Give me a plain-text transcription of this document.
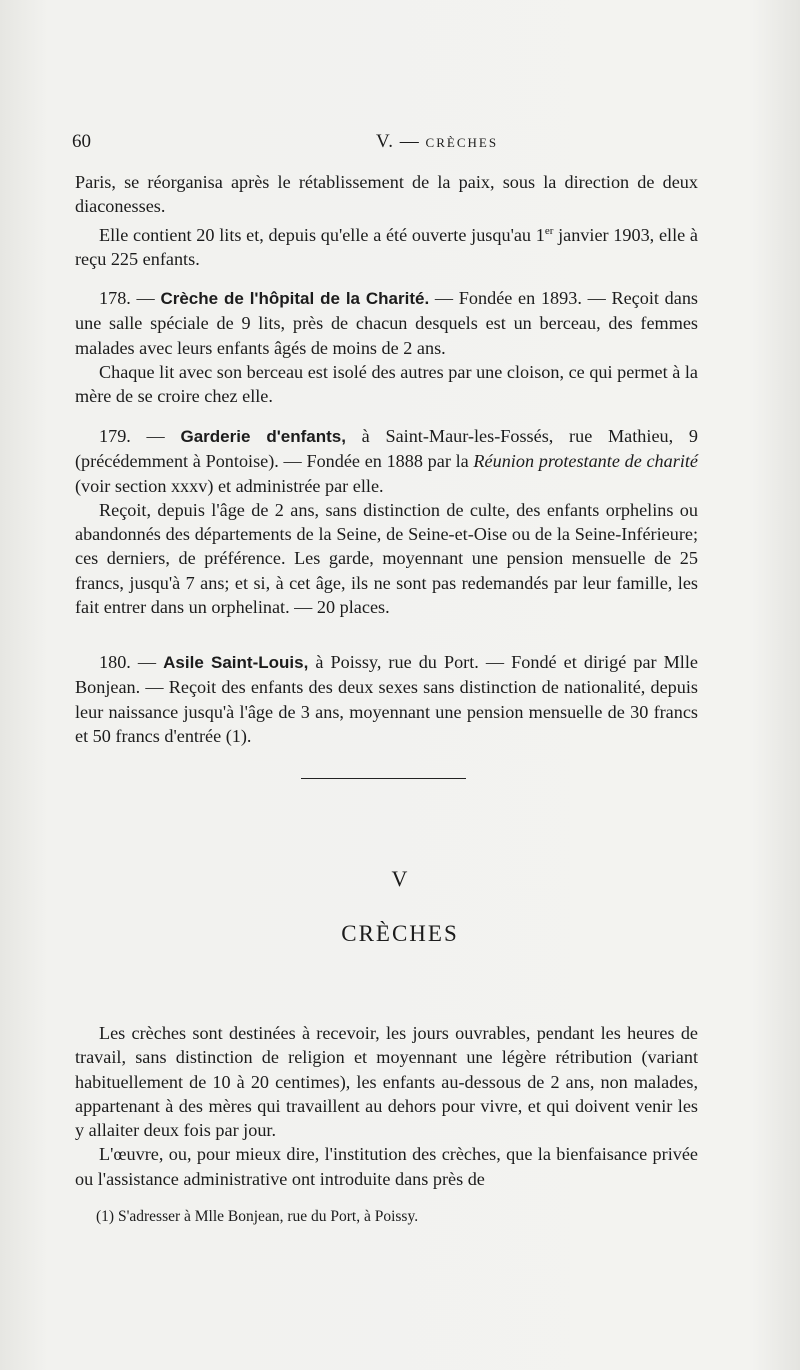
60	V. — CRÈCHES

Paris, se réorganisa après le rétablissement de la paix, sous la direction de deux diaconesses.

Elle contient 20 lits et, depuis qu'elle a été ouverte jusqu'au 1er janvier 1903, elle à reçu 225 enfants.

178. — Crèche de l'hôpital de la Charité. — Fondée en 1893. — Reçoit dans une salle spéciale de 9 lits, près de chacun desquels est un berceau, des femmes malades avec leurs enfants âgés de moins de 2 ans.

Chaque lit avec son berceau est isolé des autres par une cloison, ce qui permet à la mère de se croire chez elle.

179. — Garderie d'enfants, à Saint-Maur-les-Fossés, rue Mathieu, 9 (précédemment à Pontoise). — Fondée en 1888 par la Réunion protestante de charité (voir section xxxv) et administrée par elle.

Reçoit, depuis l'âge de 2 ans, sans distinction de culte, des enfants orphelins ou abandonnés des départements de la Seine, de Seine-et-Oise ou de la Seine-Inférieure; ces derniers, de préférence. Les garde, moyennant une pension mensuelle de 25 francs, jusqu'à 7 ans; et si, à cet âge, ils ne sont pas redemandés par leur famille, les fait entrer dans un orphelinat. — 20 places.

180. — Asile Saint-Louis, à Poissy, rue du Port. — Fondé et dirigé par Mlle Bonjean. — Reçoit des enfants des deux sexes sans distinction de nationalité, depuis leur naissance jusqu'à l'âge de 3 ans, moyennant une pension mensuelle de 30 francs et 50 francs d'entrée (1).

V
CRÈCHES

Les crèches sont destinées à recevoir, les jours ouvrables, pendant les heures de travail, sans distinction de religion et moyennant une légère rétribution (variant habituellement de 10 à 20 centimes), les enfants au-dessous de 2 ans, non malades, appartenant à des mères qui travaillent au dehors pour vivre, et qui doivent venir les y allaiter deux fois par jour.

L'œuvre, ou, pour mieux dire, l'institution des crèches, que la bienfaisance privée ou l'assistance administrative ont introduite dans près de

(1) S'adresser à Mlle Bonjean, rue du Port, à Poissy.
